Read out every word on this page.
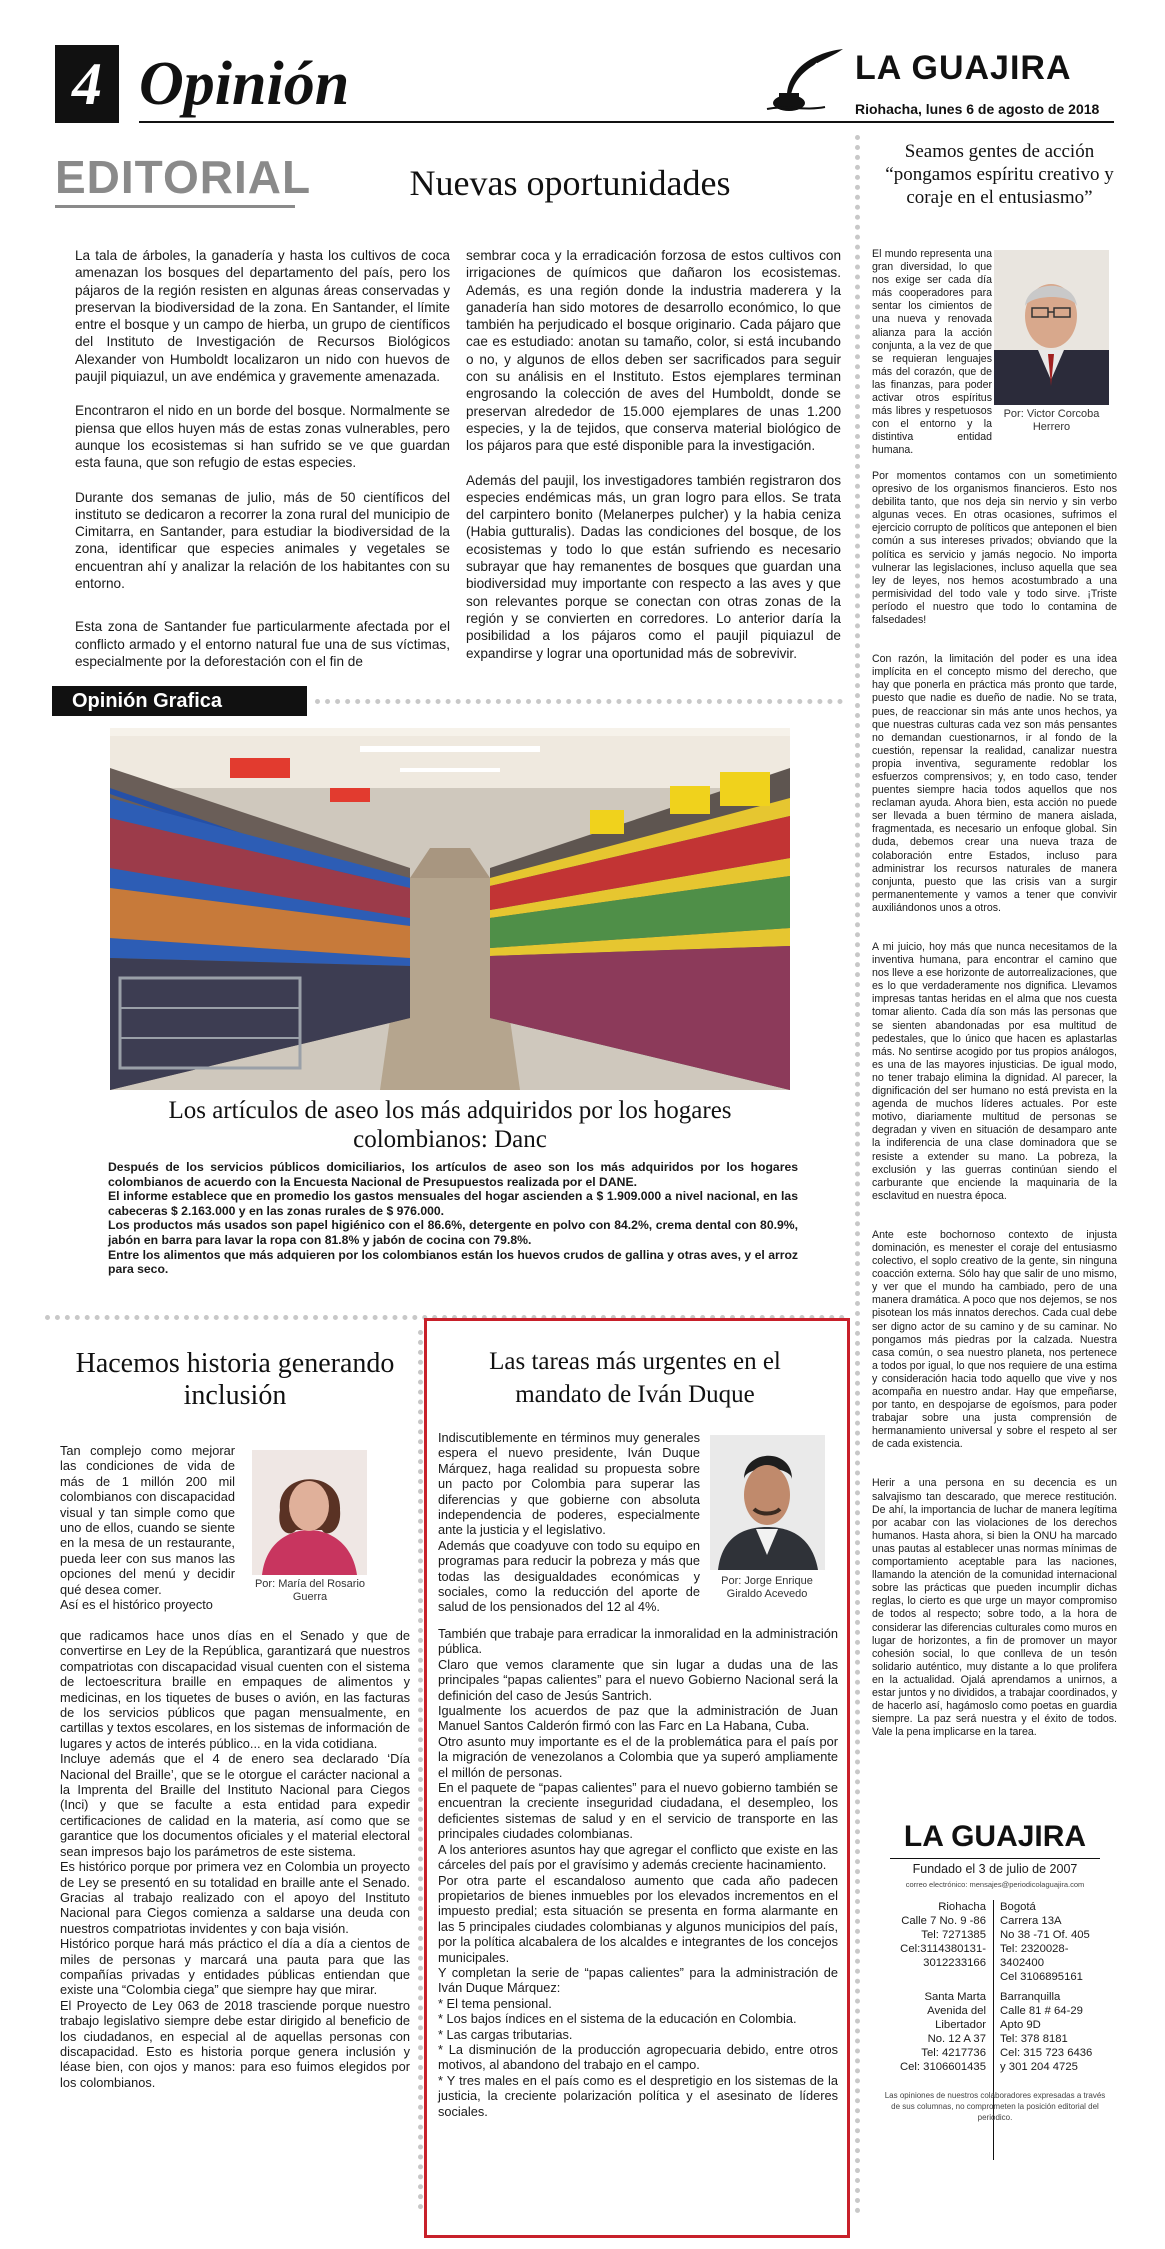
4 Opinión	LA GUAJIRA
Riohacha, lunes 6 de agosto de 2018
EDITORIAL	Nuevas oportunidades

La tala de árboles, la ganadería y hasta los cultivos de coca amenazan los bosques del departamento del país, pero los pájaros de la región resisten en algunas áreas conservadas y preservan la biodiversidad de la zona. En Santander, el límite entre el bosque y un campo de hierba, un grupo de científicos del Instituto de Investigación de Recursos Biológicos Alexander von Humboldt localizaron un nido con huevos de paujil piquiazul, un ave endémica y gravemente amenazada.

Encontraron el nido en un borde del bosque. Normalmente se piensa que ellos huyen más de estas zonas vulnerables, pero aunque los ecosistemas si han sufrido se ve que guardan esta fauna, que son refugio de estas especies.

Durante dos semanas de julio, más de 50 científicos del instituto se dedicaron a recorrer la zona rural del municipio de Cimitarra, en Santander, para estudiar la biodiversidad de la zona, identificar que especies animales y vegetales se encuentran ahí y analizar la relación de los habitantes con su entorno.

Esta zona de Santander fue particularmente afectada por el conflicto armado y el entorno natural fue una de sus víctimas, especialmente por la deforestación con el fin de

sembrar coca y la erradicación forzosa de estos cultivos con irrigaciones de químicos que dañaron los ecosistemas. Además, es una región donde la industria maderera y la ganadería han sido motores de desarrollo económico, lo que también ha perjudicado el bosque originario. Cada pájaro que cae es estudiado: anotan su tamaño, color, si está incubando o no, y algunos de ellos deben ser sacrificados para seguir con su análisis en el Instituto. Estos ejemplares terminan engrosando la colección de aves del Humboldt, donde se preservan alrededor de 15.000 ejemplares de unas 1.200 especies, y la de tejidos, que conserva material biológico de los pájaros para que esté disponible para la investigación.

Además del paujil, los investigadores también registraron dos especies endémicas más, un gran logro para ellos. Se trata del carpintero bonito (Melanerpes pulcher) y la habia ceniza (Habia gutturalis). Dadas las condiciones del bosque, de los ecosistemas y todo lo que están sufriendo es necesario subrayar que hay remanentes de bosques que guardan una biodiversidad muy importante con respecto a las aves y que son relevantes porque se conectan con otras zonas de la región y se convierten en corredores. Lo anterior daría la posibilidad a los pájaros como el paujil piquiazul de expandirse y lograr una oportunidad más de sobrevivir.

Opinión Grafica
Los artículos de aseo los más adquiridos por los hogares colombianos: Danc

Después de los servicios públicos domiciliarios, los artículos de aseo son los más adquiridos por los hogares colombianos de acuerdo con la Encuesta Nacional de Presupuestos realizada por el DANE.

El informe establece que en promedio los gastos mensuales del hogar ascienden a $ 1.909.000 a nivel nacional, en las cabeceras $ 2.163.000 y en las zonas rurales de $ 976.000.

Los productos más usados son papel higiénico con el 86.6%, detergente en polvo con 84.2%, crema dental con 80.9%, jabón en barra para lavar la ropa con 81.8% y jabón de cocina con 79.8%.

Entre los alimentos que más adquieren por los colombianos están los huevos crudos de gallina y otras aves, y el arroz para seco.

Seamos gentes de acción “pongamos espíritu creativo y coraje en el entusiasmo”
El mundo representa una gran diversidad, lo que nos exige ser cada día más cooperadores para sentar los cimientos de una nueva y renovada alianza para la acción conjunta, a la vez de que se requieran lenguajes más del corazón, que de las finanzas, para poder activar otros espíritus más libres y respetuosos con el entorno y la distintiva entidad humana.
Por: Victor Corcoba Herrero

Por momentos contamos con un sometimiento opresivo de los organismos financieros. Esto nos debilita tanto, que nos deja sin nervio y sin verbo algunas veces. En otras ocasiones, sufrimos el ejercicio corrupto de políticos que anteponen el bien común a sus intereses privados; obviando que la política es servicio y jamás negocio. No importa vulnerar las legislaciones, incluso aquella que sea ley de leyes, nos hemos acostumbrado a una permisividad del todo vale y todo sirve. ¡Triste período el nuestro que todo lo contamina de falsedades!

Con razón, la limitación del poder es una idea implícita en el concepto mismo del derecho, que hay que ponerla en práctica más pronto que tarde, puesto que nadie es dueño de nadie. No se trata, pues, de reaccionar sin más ante unos hechos, ya que nuestras culturas cada vez son más pensantes no demandan cuestionarnos, ir al fondo de la cuestión, repensar la realidad, canalizar nuestra propia inventiva, seguramente redoblar los esfuerzos comprensivos; y, en todo caso, tender puentes siempre hacia todos aquellos que nos reclaman ayuda. Ahora bien, esta acción no puede ser llevada a buen término de manera aislada, fragmentada, es necesario un enfoque global. Sin duda, debemos crear una nueva traza de colaboración entre Estados, incluso para administrar los recursos naturales de manera conjunta, puesto que las crisis van a surgir permanentemente y vamos a tener que convivir auxiliándonos unos a otros.

A mi juicio, hoy más que nunca necesitamos de la inventiva humana, para encontrar el camino que nos lleve a ese horizonte de autorrealizaciones, que es lo que verdaderamente nos dignifica. Llevamos impresas tantas heridas en el alma que nos cuesta tomar aliento. Cada día son más las personas que se sienten abandonadas por esa multitud de pedestales, que lo único que hacen es aplastarlas más. No sentirse acogido por tus propios análogos, es una de las mayores injusticias. De igual modo, no tener trabajo elimina la dignidad. Al parecer, la dignificación del ser humano no está prevista en la agenda de muchos líderes actuales. Por este motivo, diariamente multitud de personas se degradan y viven en situación de desamparo ante la indiferencia de una clase dominadora que se resiste a extender su mano. La pobreza, la exclusión y las guerras continúan siendo el carburante que enciende la maquinaria de la esclavitud en nuestra época.

Ante este bochornoso contexto de injusta dominación, es menester el coraje del entusiasmo colectivo, el soplo creativo de la gente, sin ninguna coacción externa. Sólo hay que salir de uno mismo, y ver que el mundo ha cambiado, pero de una manera dramática. A poco que nos dejemos, se nos pisotean los más innatos derechos. Cada cual debe ser digno actor de su camino y de su caminar. No pongamos más piedras por la calzada. Nuestra casa común, o sea nuestro planeta, nos pertenece a todos por igual, lo que nos requiere de una estima y consideración hacia todo aquello que vive y nos acompaña en nuestro andar. Hay que empeñarse, por tanto, en despojarse de egoísmos, para poder trabajar sobre una justa comprensión de hermanamiento universal y sobre el respeto al ser de cada existencia.

Herir a una persona en su decencia es un salvajismo tan descarado, que merece restitución. De ahí, la importancia de luchar de manera legítima por acabar con las violaciones de los derechos humanos. Hasta ahora, si bien la ONU ha marcado unas pautas al establecer unas normas mínimas de comportamiento aceptable para las naciones, llamando la atención de la comunidad internacional sobre las prácticas que pueden incumplir dichas reglas, lo cierto es que urge un mayor compromiso de todos al respecto; sobre todo, a la hora de considerar las diferencias culturales como muros en lugar de horizontes, a fin de promover un mayor cohesión social, lo que conlleva de un tesón solidario auténtico, muy distante a lo que prolifera en la actualidad. Ojalá aprendamos a unirnos, a estar juntos y no divididos, a trabajar coordinados, y de hacerlo así, hagámoslo como poetas en guardia siempre. La paz será nuestra y el éxito de todos. Vale la pena implicarse en la tarea.

Hacemos historia generando inclusión

Tan complejo como mejorar las condiciones de vida de más de 1 millón 200 mil colombianos con discapacidad visual y tan simple como que uno de ellos, cuando se siente en la mesa de un restaurante, pueda leer con sus manos las opciones del menú y decidir qué desea comer.

Así es el histórico proyecto

Por: María del Rosario Guerra

que radicamos hace unos días en el Senado y que de convertirse en Ley de la República, garantizará que nuestros compatriotas con discapacidad visual cuenten con el sistema de lectoescritura braille en empaques de alimentos y medicinas, en los tiquetes de buses o avión, en las facturas de los servicios públicos que pagan mensualmente, en cartillas y textos escolares, en los sistemas de información de lugares y actos de interés público... en la vida cotidiana.

Incluye además que el 4 de enero sea declarado ‘Día Nacional del Braille’, que se le otorgue el carácter nacional a la Imprenta del Braille del Instituto Nacional para Ciegos (Inci) y que se faculte a esta entidad para expedir certificaciones de calidad en la materia, así como que se garantice que los documentos oficiales y el material electoral sean impresos bajo los parámetros de este sistema.

Es histórico porque por primera vez en Colombia un proyecto de Ley se presentó en su totalidad en braille ante el Senado. Gracias al trabajo realizado con el apoyo del Instituto Nacional para Ciegos comienza a saldarse una deuda con nuestros compatriotas invidentes y con baja visión.

Histórico porque hará más práctico el día a día a cientos de miles de personas y marcará una pauta para que las compañías privadas y entidades públicas entiendan que existe una “Colombia ciega” que siempre hay que mirar.

El Proyecto de Ley 063 de 2018 trasciende porque nuestro trabajo legislativo siempre debe estar dirigido al beneficio de los ciudadanos, en especial al de aquellas personas con discapacidad. Esto es historia porque genera inclusión y léase bien, con ojos y manos: para eso fuimos elegidos por los colombianos.

Las tareas más urgentes en el mandato de Iván Duque

Indiscutiblemente en términos muy generales espera el nuevo presidente, Iván Duque Márquez, haga realidad su propuesta sobre un pacto por Colombia para superar las diferencias y que gobierne con absoluta independencia de poderes, especialmente ante la justicia y el legislativo.

Además que coadyuve con todo su equipo en programas para reducir la pobreza y más que todas las desigualdades económicas y sociales, como la reducción del aporte de salud de los pensionados del 12 al 4%.

Por: Jorge Enrique Giraldo Acevedo

También que trabaje para erradicar la inmoralidad en la administración pública.

Claro que vemos claramente que sin lugar a dudas una de las principales “papas calientes” para el nuevo Gobierno Nacional será la definición del caso de Jesús Santrich.

Igualmente los acuerdos de paz que la administración de Juan Manuel Santos Calderón firmó con las Farc en La Habana, Cuba.

Otro asunto muy importante es el de la problemática para el país por la migración de venezolanos a Colombia que ya superó ampliamente el millón de personas.

En el paquete de “papas calientes” para el nuevo gobierno también se encuentran la creciente inseguridad ciudadana, el desempleo, los deficientes sistemas de salud y en el servicio de transporte en las principales ciudades colombianas.

A los anteriores asuntos hay que agregar el conflicto que existe en las cárceles del país por el gravísimo y además creciente hacinamiento.

Por otra parte el escandaloso aumento que cada año padecen propietarios de bienes inmuebles por los elevados incrementos en el impuesto predial; esta situación se presenta en forma alarmante en las 5 principales ciudades colombianas y algunos municipios del país, por la política alcabalera de los alcaldes e integrantes de los concejos municipales.

Y completan la serie de “papas calientes” para la administración de Iván Duque Márquez:

* El tema pensional.

* Los bajos índices en el sistema de la educación en Colombia.

* Las cargas tributarias.

* La disminución de la producción agropecuaria debido, entre otros motivos, al abandono del trabajo en el campo.

* Y tres males en el país como es el despretigio en los sistemas de la justicia, la creciente polarización política y el asesinato de líderes sociales.

LA GUAJIRA
Fundado el 3 de julio de 2007
correo electrónico: mensajes@periodicolaguajira.com
Riohacha
Calle 7 No. 9 -86
Tel: 7271385
Cel:3114380131-
3012233166
Bogotá
Carrera 13A
No 38 -71 Of. 405
Tel: 2320028-
3402400
Cel 3106895161
Santa Marta
Avenida del
Libertador
No. 12 A 37
Tel: 4217736
Cel: 3106601435
Barranquilla
Calle 81 # 64-29
Apto 9D
Tel: 378 8181
Cel: 315 723 6436
y 301 204 4725
Las opiniones de nuestros colaboradores expresadas a través de sus columnas, no comprometen la posición editorial del periódico.
